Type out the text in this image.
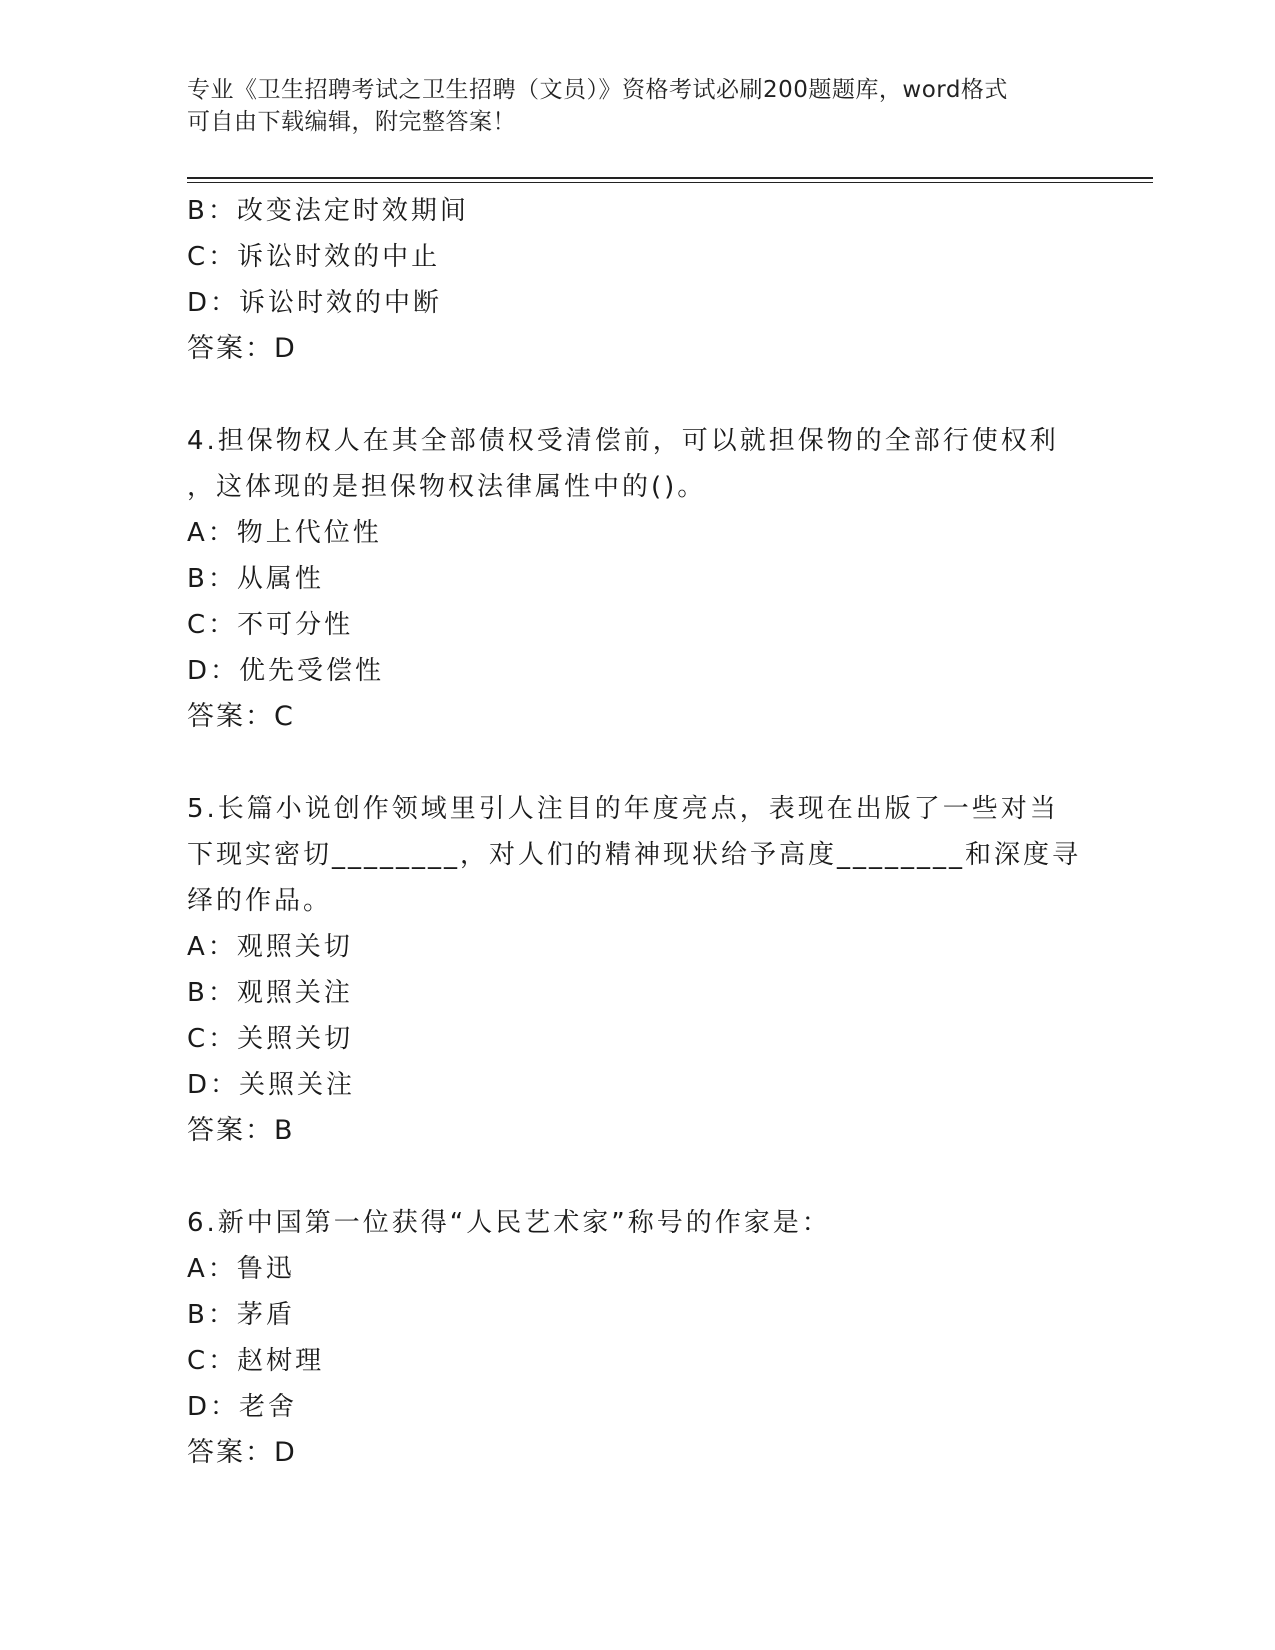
专业《卫生招聘考试之卫生招聘（文员）》资格考试必刷200题题库，word格式
可自由下载编辑，附完整答案！
B：改变法定时效期间
C：诉讼时效的中止
D：诉讼时效的中断
答案：D
4.担保物权人在其全部债权受清偿前，可以就担保物的全部行使权利
，这体现的是担保物权法律属性中的()。
A：物上代位性
B：从属性
C：不可分性
D：优先受偿性
答案：C
5.长篇小说创作领域里引人注目的年度亮点，表现在出版了一些对当
下现实密切________，对人们的精神现状给予高度________和深度寻
绎的作品。
A：观照关切
B：观照关注
C：关照关切
D：关照关注
答案：B
6.新中国第一位获得“人民艺术家”称号的作家是：
A：鲁迅
B：茅盾
C：赵树理
D：老舍
答案：D
